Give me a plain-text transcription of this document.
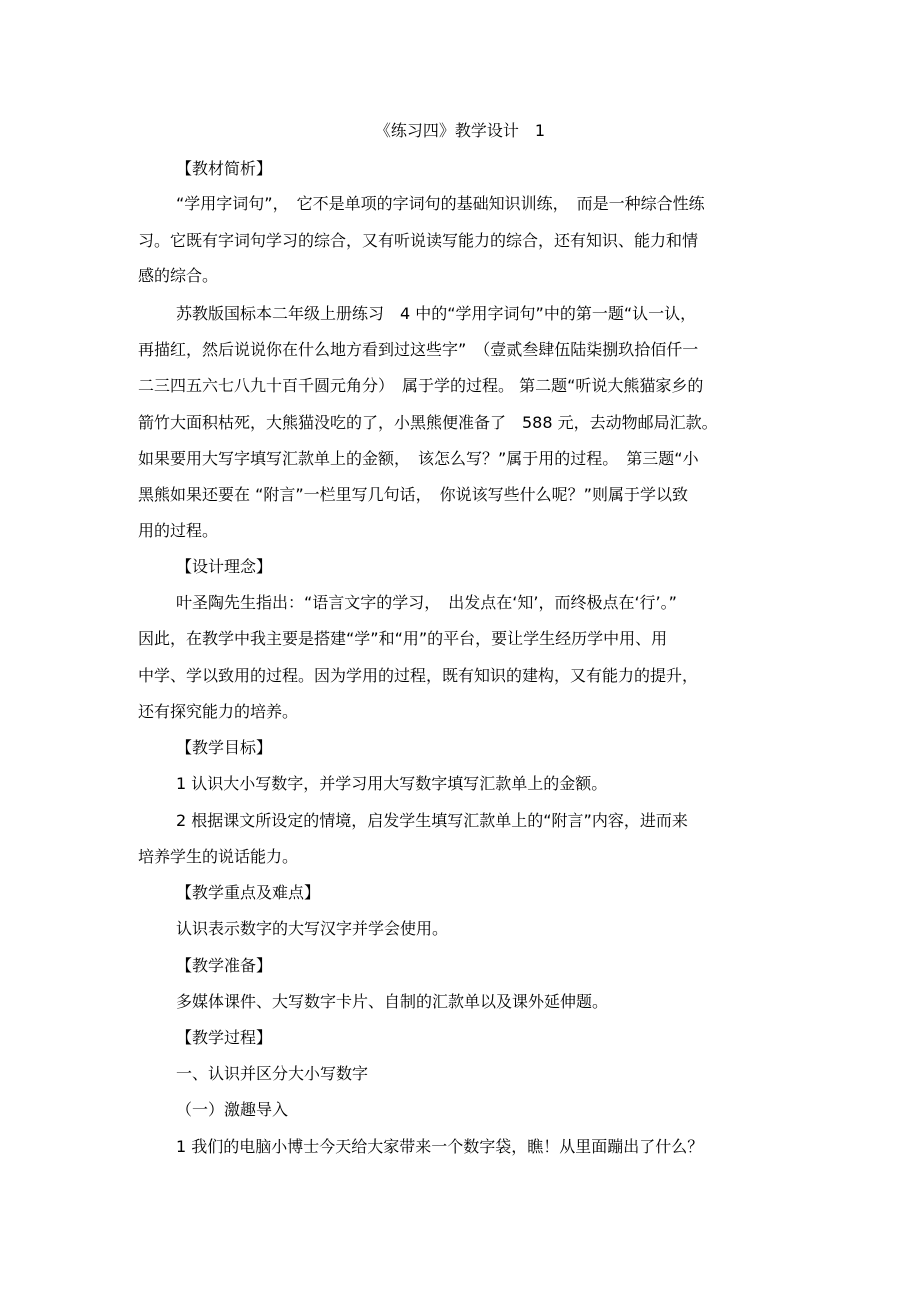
《练习四》教学设计　1
【教材简析】
“学用字词句”，　它不是单项的字词句的基础知识训练，　而是一种综合性练
习。它既有字词句学习的综合，又有听说读写能力的综合，还有知识、能力和情
感的综合。
苏教版国标本二年级上册练习　4 中的“学用字词句”中的第一题“认一认，
再描红，然后说说你在什么地方看到过这些字”　（壹贰叁肆伍陆柒捌玖拾佰仟一
二三四五六七八九十百千圆元角分）　属于学的过程。 第二题“听说大熊猫家乡的
箭竹大面积枯死，大熊猫没吃的了，小黑熊便准备了　588 元，去动物邮局汇款。
如果要用大写字填写汇款单上的金额，　该怎么写？”属于用的过程。　第三题“小
黑熊如果还要在 “附言”一栏里写几句话，　你说该写些什么呢？”则属于学以致
用的过程。
【设计理念】
叶圣陶先生指出：“语言文字的学习，　出发点在‘知’，而终极点在‘行’。”
因此，在教学中我主要是搭建“学”和“用”的平台，要让学生经历学中用、用
中学、学以致用的过程。因为学用的过程，既有知识的建构，又有能力的提升，
还有探究能力的培养。
【教学目标】
1 认识大小写数字，并学习用大写数字填写汇款单上的金额。
2 根据课文所设定的情境，启发学生填写汇款单上的“附言”内容，进而来
培养学生的说话能力。
【教学重点及难点】
认识表示数字的大写汉字并学会使用。
【教学准备】
多媒体课件、大写数字卡片、自制的汇款单以及课外延伸题。
【教学过程】
一、认识并区分大小写数字
（一）激趣导入
1 我们的电脑小博士今天给大家带来一个数字袋，瞧！从里面蹦出了什么？
